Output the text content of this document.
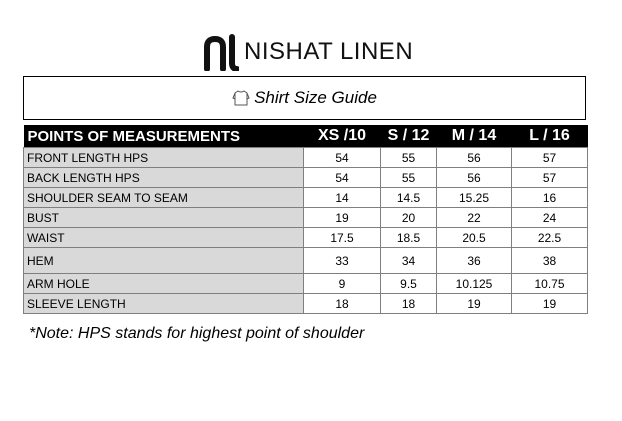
NISHAT LINEN
Shirt Size Guide
POINTS OF MEASUREMENTS	XS /10	S / 12	M / 14	L / 16
FRONT LENGTH HPS	54	55	56	57
BACK LENGTH HPS	54	55	56	57
SHOULDER SEAM TO SEAM	14	14.5	15.25	16
BUST	19	20	22	24
WAIST	17.5	18.5	20.5	22.5
HEM	33	34	36	38
ARM HOLE	9	9.5	10.125	10.75
SLEEVE LENGTH	18	18	19	19
*Note: HPS stands for highest point of shoulder
